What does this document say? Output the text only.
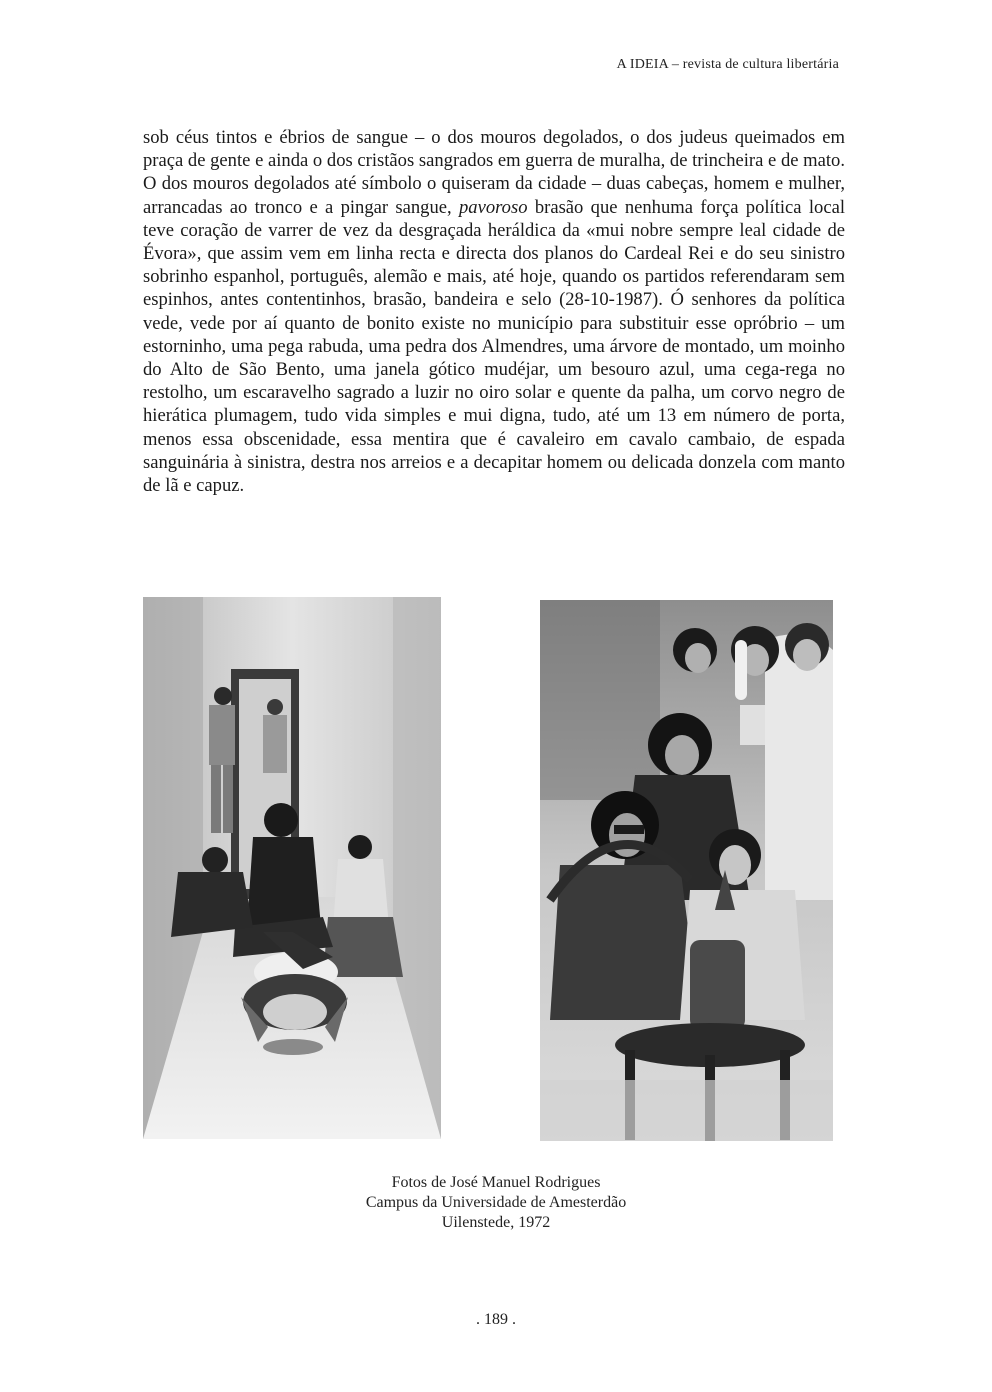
A IDEIA – revista de cultura libertária

sob céus tintos e ébrios de sangue – o dos mouros degolados, o dos judeus queimados em praça de gente e ainda o dos cristãos sangrados em guerra de muralha, de trincheira e de mato. O dos mouros degolados até símbolo o quiseram da cidade – duas cabeças, homem e mulher, arrancadas ao tronco e a pingar sangue, pavoroso brasão que nenhuma força política local teve coração de varrer de vez da desgraçada heráldica da «mui nobre sempre leal cidade de Évora», que assim vem em linha recta e directa dos planos do Cardeal Rei e do seu sinistro sobrinho espanhol, português, alemão e mais, até hoje, quando os partidos referendaram sem espinhos, antes contentinhos, brasão, bandeira e selo (28-10-1987). Ó senhores da política vede, vede por aí quanto de bonito existe no município para substituir esse opróbrio – um estorninho, uma pega rabuda, uma pedra dos Almendres, uma árvore de montado, um moinho do Alto de São Bento, uma janela gótico mudéjar, um besouro azul, uma cega-rega no restolho, um escaravelho sagrado a luzir no oiro solar e quente da palha, um corvo negro de hierática plumagem, tudo vida simples e mui digna, tudo, até um 13 em número de porta, menos essa obscenidade, essa mentira que é cavaleiro em cavalo cambaio, de espada sanguinária à sinistra, destra nos arreios e a decapitar homem ou delicada donzela com manto de lã e capuz.

Fotos de José Manuel Rodrigues
Campus da Universidade de Amesterdão
Uilenstede, 1972
. 189 .
